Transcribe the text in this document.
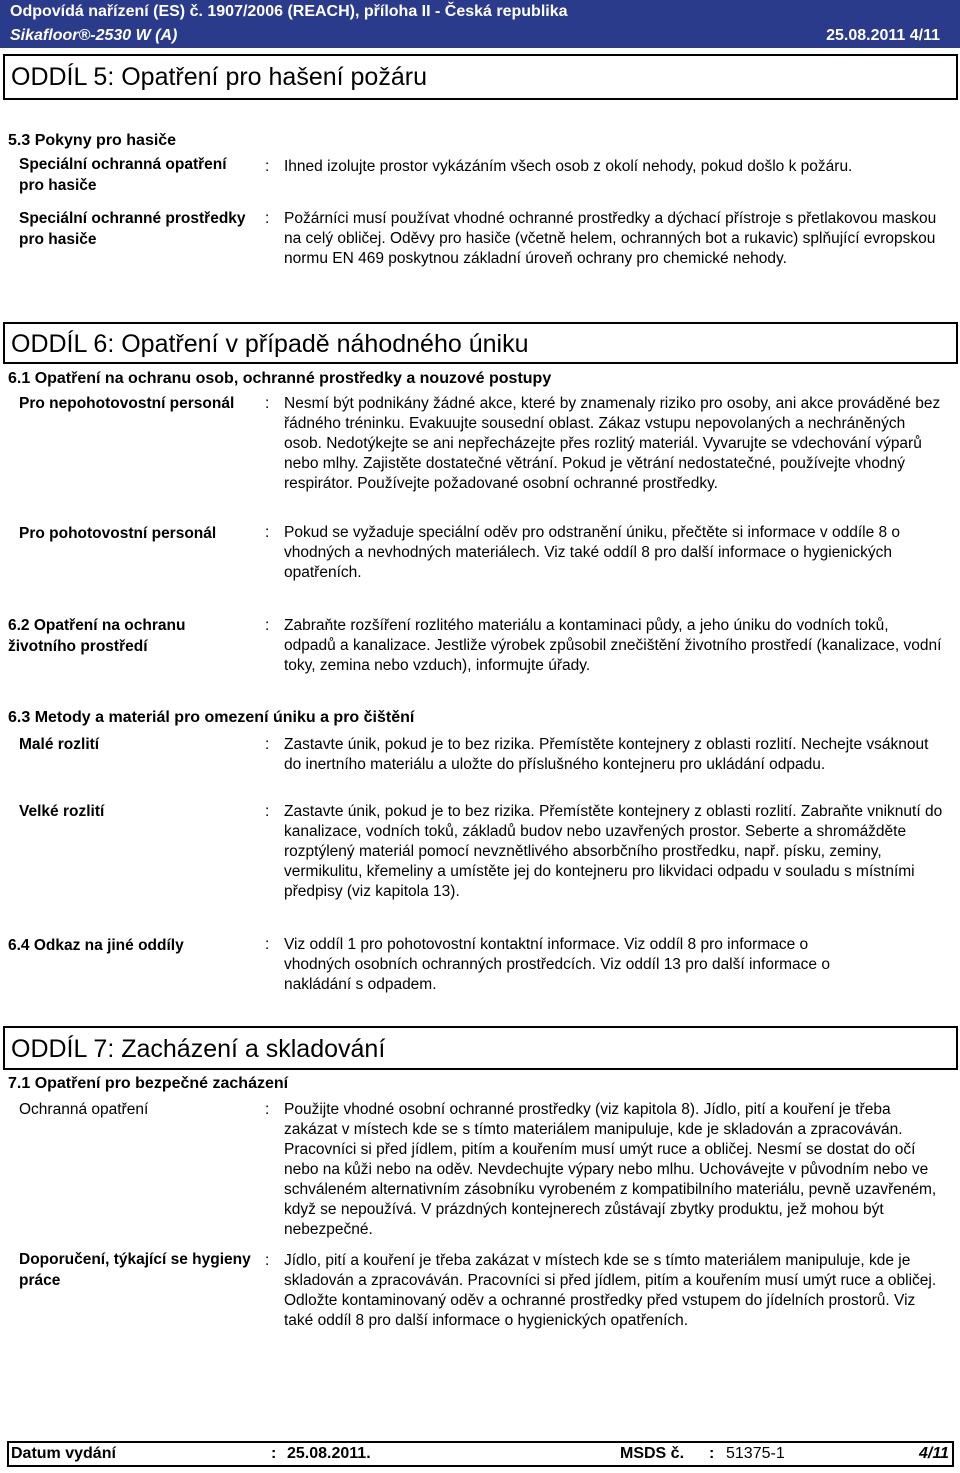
Odpovídá nařízení (ES) č. 1907/2006 (REACH), příloha II - Česká republika
Sikafloor®-2530 W (A)	25.08.2011 4/11
ODDÍL 5: Opatření pro hašení požáru
5.3 Pokyny pro hasiče
Speciální ochranná opatření pro hasiče
: Ihned izolujte prostor vykázáním všech osob z okolí nehody, pokud došlo k požáru.
Speciální ochranné prostředky pro hasiče
: Požárníci musí používat vhodné ochranné prostředky a dýchací přístroje s přetlakovou maskou na celý obličej. Oděvy pro hasiče (včetně helem, ochranných bot a rukavic) splňující evropskou normu EN 469 poskytnou základní úroveň ochrany pro chemické nehody.
ODDÍL 6: Opatření v případě náhodného úniku
6.1 Opatření na ochranu osob, ochranné prostředky a nouzové postupy
Pro nepohotovostní personál	: Nesmí být podnikány žádné akce, které by znamenaly riziko pro osoby, ani akce prováděné bez řádného tréninku. Evakuujte sousední oblast. Zákaz vstupu nepovolaných a nechráněných osob. Nedotýkejte se ani nepřecházejte přes rozlitý materiál. Vyvarujte se vdechování výparů nebo mlhy. Zajistěte dostatečné větrání. Pokud je větrání nedostatečné, používejte vhodný respirátor. Používejte požadované osobní ochranné prostředky.
Pro pohotovostní personál	: Pokud se vyžaduje speciální oděv pro odstranění úniku, přečtěte si informace v oddíle 8 o vhodných a nevhodných materiálech. Viz také oddíl 8 pro další informace o hygienických opatřeních.
6.2 Opatření na ochranu životního prostředí
: Zabraňte rozšíření rozlitého materiálu a kontaminaci půdy, a jeho úniku do vodních toků, odpadů a kanalizace. Jestliže výrobek způsobil znečištění životního prostředí (kanalizace, vodní toky, zemina nebo vzduch), informujte úřady.
6.3 Metody a materiál pro omezení úniku a pro čištění
Malé rozlití	: Zastavte únik, pokud je to bez rizika. Přemístěte kontejnery z oblasti rozlití. Nechejte vsáknout do inertního materiálu a uložte do příslušného kontejneru pro ukládání odpadu.
Velké rozlití	: Zastavte únik, pokud je to bez rizika. Přemístěte kontejnery z oblasti rozlití. Zabraňte vniknutí do kanalizace, vodních toků, základů budov nebo uzavřených prostor. Seberte a shromážděte rozptýlený materiál pomocí nevznětlivého absorbčního prostředku, např. písku, zeminy, vermikulitu, křemeliny a umístěte jej do kontejneru pro likvidaci odpadu v souladu s místními předpisy (viz kapitola 13).
6.4 Odkaz na jiné oddíly	: Viz oddíl 1 pro pohotovostní kontaktní informace. Viz oddíl 8 pro informace o vhodných osobních ochranných prostředcích. Viz oddíl 13 pro další informace o nakládání s odpadem.
ODDÍL 7: Zacházení a skladování
7.1 Opatření pro bezpečné zacházení
Ochranná opatření	: Použijte vhodné osobní ochranné prostředky (viz kapitola 8). Jídlo, pití a kouření je třeba zakázat v místech kde se s tímto materiálem manipuluje, kde je skladován a zpracováván. Pracovníci si před jídlem, pitím a kouřením musí umýt ruce a obličej. Nesmí se dostat do očí nebo na kůži nebo na oděv. Nevdechujte výpary nebo mlhu. Uchovávejte v původním nebo ve schváleném alternativním zásobníku vyrobeném z kompatibilního materiálu, pevně uzavřeném, když se nepoužívá. V prázdných kontejnerech zůstávají zbytky produktu, jež mohou být nebezpečné.
Doporučení, týkající se hygieny práce
: Jídlo, pití a kouření je třeba zakázat v místech kde se s tímto materiálem manipuluje, kde je skladován a zpracováván. Pracovníci si před jídlem, pitím a kouřením musí umýt ruce a obličej. Odložte kontaminovaný oděv a ochranné prostředky před vstupem do jídelních prostorů. Viz také oddíl 8 pro další informace o hygienických opatřeních.
Datum vydání	: 25.08.2011.	MSDS č. : 51375-1	4/11
